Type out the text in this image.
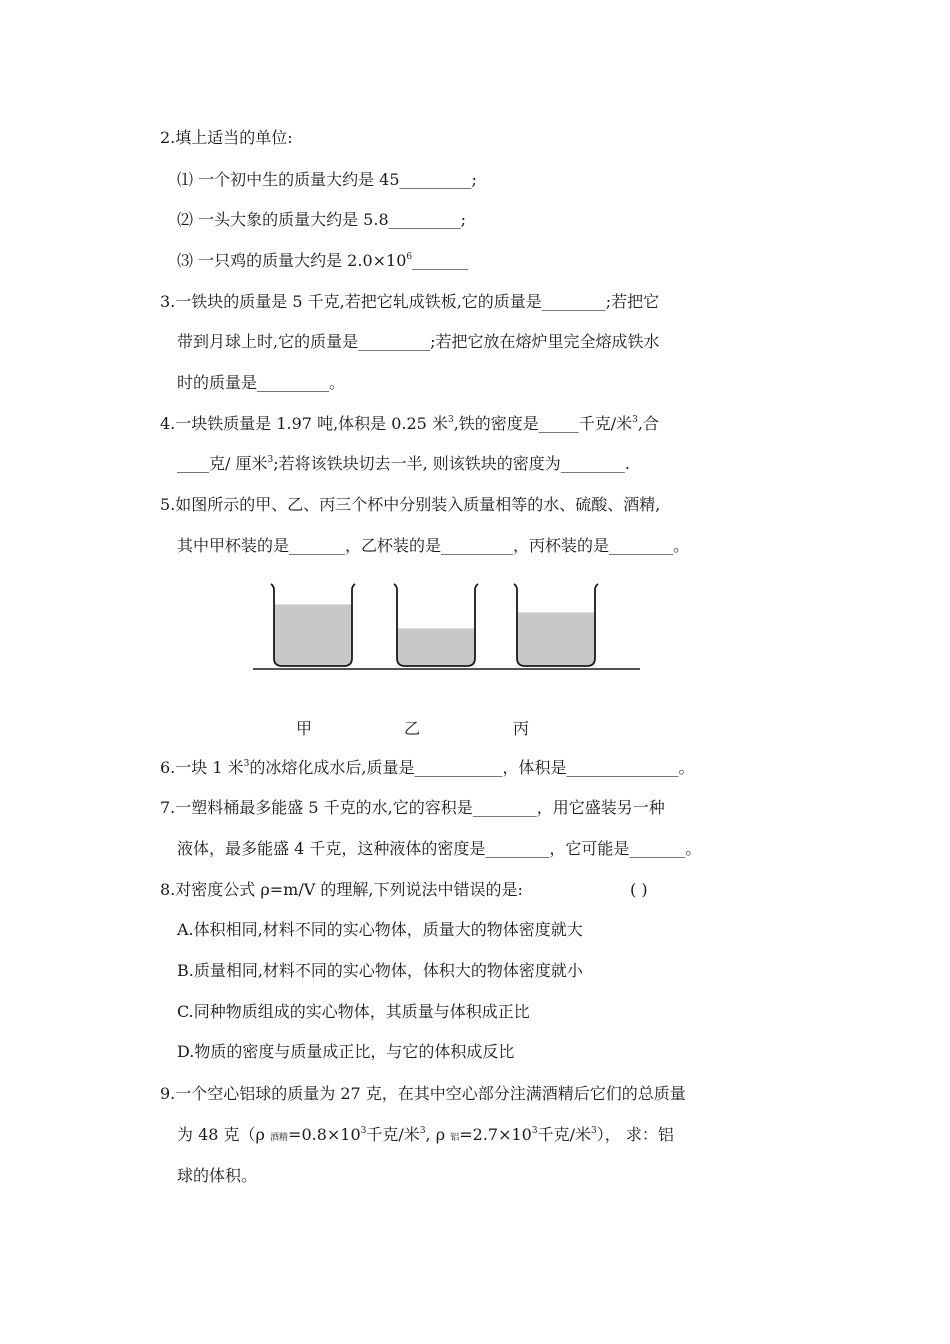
2.填上适当的单位:
⑴ 一个初中生的质量大约是 45_________;
⑵ 一头大象的质量大约是 5.8_________;
⑶ 一只鸡的质量大约是 $2.0\times 10^6\_\_\_\_\_\_\_$
3.一铁块的质量是 5 千克,若把它轧成铁板,它的质量是________;若把它
带到月球上时,它的质量是_________;若把它放在熔炉里完全熔成铁水
时的质量是_________。
4.一块铁质量是 1.97 吨,体积是 0.25 米$^3$,铁的密度是_____千克/米$^3$,合
____克/ 厘米$^3$;若将该铁块切去一半, 则该铁块的密度为________.
5.如图所示的甲、乙、丙三个杯中分别装入质量相等的水、硫酸、酒精,
其中甲杯装的是_______，乙杯装的是_________，丙杯装的是________。
甲	乙	丙
6.一块 1 米$^3$的冰熔化成水后,质量是___________，体积是______________。
7.一塑料桶最多能盛 5 千克的水,它的容积是________，用它盛装另一种
液体，最多能盛 4 千克，这种液体的密度是________，它可能是_______。
8.对密度公式 ρ=m/V 的理解,下列说法中错误的是:	( )
A.体积相同,材料不同的实心物体，质量大的物体密度就大
B.质量相同,材料不同的实心物体，体积大的物体密度就小
C.同种物质组成的实心物体，其质量与体积成正比
D.物质的密度与质量成正比，与它的体积成反比
9.一个空心铝球的质量为 27 克，在其中空心部分注满酒精后它们的总质量
为 48 克（ρ 酒精$=0.8\times 10^3$千克/米$^3$, ρ 铝$=2.7\times 10^3$千克/米$^3$）， 求：铝
球的体积。
